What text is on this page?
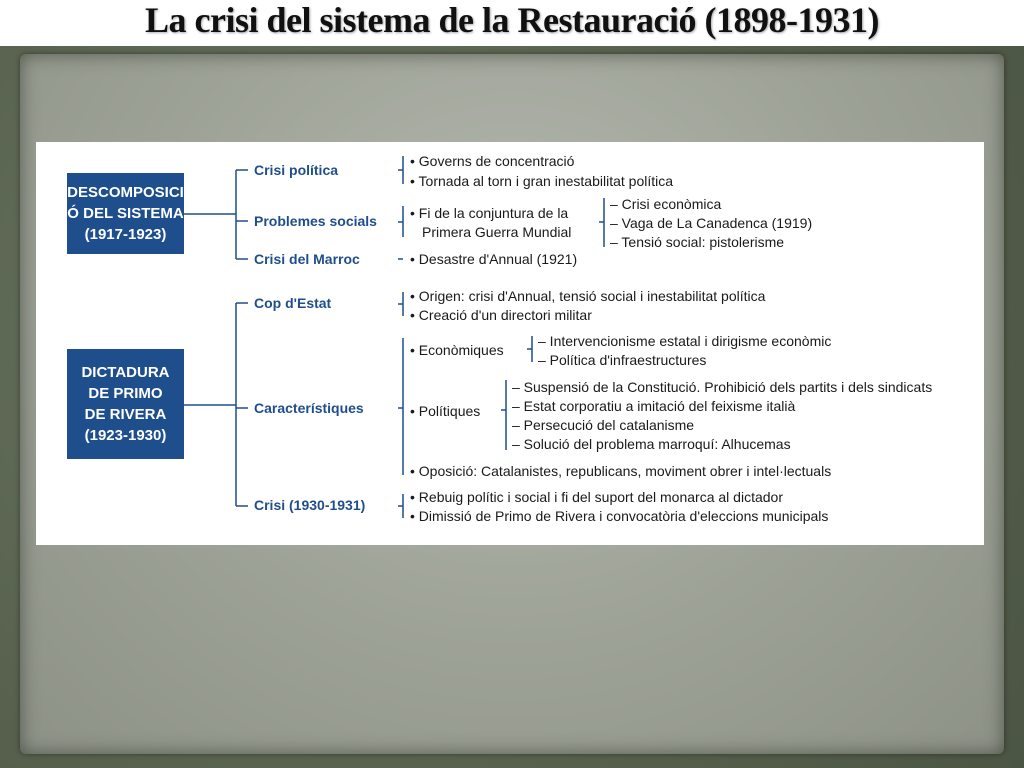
La crisi del sistema de la Restauració (1898-1931)
DESCOMPOSICI
Ó DEL SISTEMA
(1917-1923)
Crisi política
• Governs de concentració
• Tornada al torn i gran inestabilitat política
Problemes socials • Fi de la conjuntura de la
Primera Guerra Mundial
– Crisi econòmica
– Vaga de La Canadenca (1919)
– Tensió social: pistolerisme
Crisi del Marroc	• Desastre d'Annual (1921)
DICTADURA
DE PRIMO
DE RIVERA
(1923-1930)
Cop d'Estat	• Origen: crisi d'Annual, tensió social i inestabilitat política
• Creació d'un directori militar
Característiques
• Econòmiques
– Intervencionisme estatal i dirigisme econòmic
– Política d'infraestructures
• Polítiques
– Suspensió de la Constitució. Prohibició dels partits i dels sindicats
– Estat corporatiu a imitació del feixisme italià
– Persecució del catalanisme
– Solució del problema marroquí: Alhucemas
• Oposició: Catalanistes, republicans, moviment obrer i intel·lectuals
Crisi (1930-1931)	• Rebuig polític i social i fi del suport del monarca al dictador
• Dimissió de Primo de Rivera i convocatòria d'eleccions municipals
